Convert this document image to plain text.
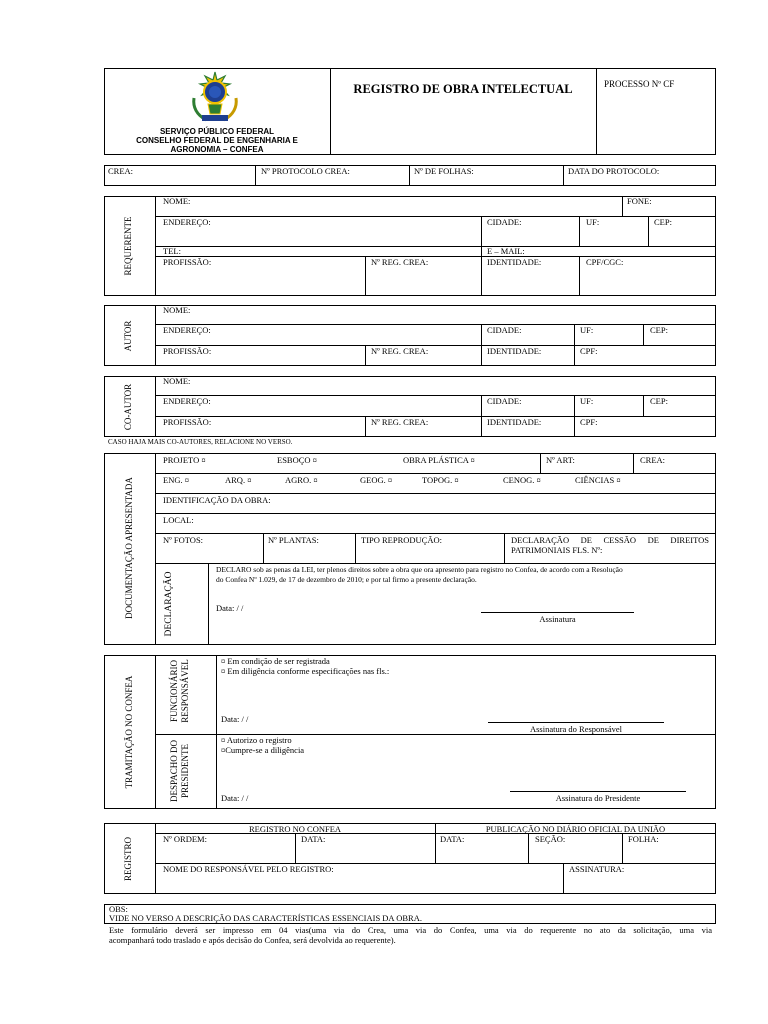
SERVIÇO PÚBLICO FEDERAL
CONSELHO FEDERAL DE ENGENHARIA E
AGRONOMIA – CONFEA
REGISTRO DE OBRA INTELECTUAL	PROCESSO Nº CF
CREA:	Nº PROTOCOLO CREA:	Nº DE FOLHAS:	DATA DO PROTOCOLO:
REQUERENTE
NOME:	FONE:
ENDEREÇO:	CIDADE:	UF:	CEP:
TEL:	E – MAIL:
PROFISSÃO:	Nº REG. CREA:	IDENTIDADE:	CPF/CGC:
AUTOR
NOME:
ENDEREÇO:	CIDADE:	UF:	CEP:
PROFISSÃO:	Nº REG. CREA:	IDENTIDADE:	CPF:
CO-AUTOR
NOME:
ENDEREÇO:	CIDADE:	UF:	CEP:
PROFISSÃO:	Nº REG. CREA:	IDENTIDADE:	CPF:
CASO HAJA MAIS CO-AUTORES, RELACIONE NO VERSO.
DOCUMENTAÇÃO APRESENTADA
PROJETO ¤	ESBOÇO ¤	OBRA PLÁSTICA ¤	Nº ART:	CREA:
ENG. ¤	ARQ. ¤	AGRO. ¤	GEOG. ¤	TOPOG. ¤	CENOG. ¤	CIÊNCIAS ¤
IDENTIFICAÇÃO DA OBRA:
LOCAL:
Nº FOTOS:	Nº PLANTAS:	TIPO REPRODUÇÃO:	DECLARAÇÃO DE CESSÃO DE DIREITOS
PATRIMONIAIS FLS. Nº:
DECLARAÇÃO
DECLARO sob as penas da LEI, ter plenos direitos sobre a obra que ora apresento para registro no Confea, de acordo com a Resolução
do Confea Nº 1.029, de 17 de dezembro de 2010; e por tal firmo a presente declaração.
Data: / /
Assinatura
TRAMITAÇÃO NO CONFEA	FUNCIONÁRIO RESPONSÁVEL	¤ Em condição de ser registrada
¤ Em diligência conforme especificações nas fls.:
Data: / /
Assinatura do Responsável
DESPACHO DO PRESIDENTE
¤ Autorizo o registro
¤Cumpre-se a diligência
Data: / /	Assinatura do Presidente
REGISTRO
REGISTRO NO CONFEA	PUBLICAÇÃO NO DIÁRIO OFICIAL DA UNIÃO
Nº ORDEM:	DATA:	DATA:	SEÇÃO:	FOLHA:
NOME DO RESPONSÁVEL PELO REGISTRO:	ASSINATURA:
OBS:
VIDE NO VERSO A DESCRIÇÃO DAS CARACTERÍSTICAS ESSENCIAIS DA OBRA.
Este formulário deverá ser impresso em 04 vias(uma via do Crea, uma via do Confea, uma via do requerente no ato da solicitação, uma via
acompanhará todo traslado e após decisão do Confea, será devolvida ao requerente).
